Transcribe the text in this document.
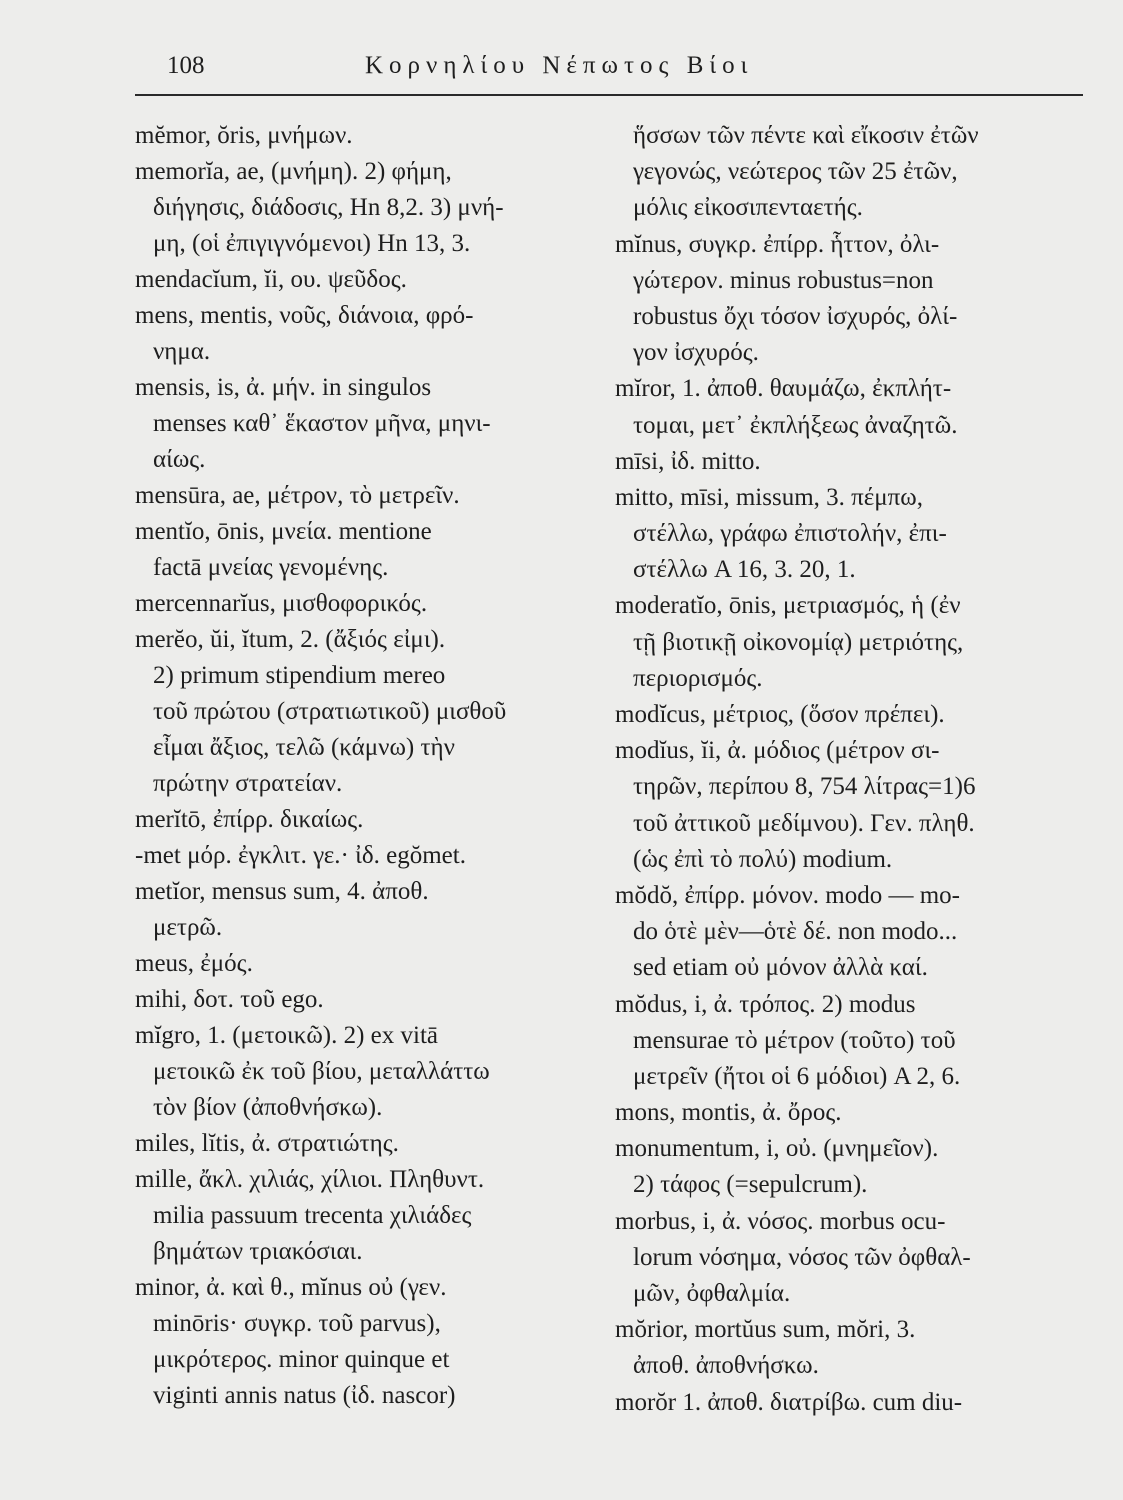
108	Κορνηλίου Νέπωτος Βίοι
mĕmor, ŏris, μνήμων.
memorĭa, ae, (μνήμη). 2) φήμη,
διήγησις, διάδοσις, Hn 8,2. 3) μνή-
μη, (οἱ ἐπιγιγνόμενοι) Hn 13, 3.
mendacĭum, ĭi, ου. ψεῦδος.
mens, mentis, νοῦς, διάνοια, φρό-
νημα.
mensis, is, ἀ. μήν. in singulos
menses καθ᾽ ἕκαστον μῆνα, μηνι-
αίως.
mensūra, ae, μέτρον, τὸ μετρεῖν.
mentĭo, ōnis, μνεία. mentione
factā μνείας γενομένης.
mercennarĭus, μισθοφορικός.
merĕo, ŭi, ĭtum, 2. (ἄξιός εἰμι).
2) primum stipendium mereo
τοῦ πρώτου (στρατιωτικοῦ) μισθοῦ
εἶμαι ἄξιος, τελῶ (κάμνω) τὴν
πρώτην στρατείαν.
merĭtō, ἐπίρρ. δικαίως.
-met μόρ. ἐγκλιτ. γε.· ἰδ. egŏmet.
metĭor, mensus sum, 4. ἀποθ.
μετρῶ.
meus, ἐμός.
mihi, δοτ. τοῦ ego.
mĭgro, 1. (μετοικῶ). 2) ex vitā
μετοικῶ ἐκ τοῦ βίου, μεταλλάττω
τὸν βίον (ἀποθνήσκω).
miles, lĭtis, ἀ. στρατιώτης.
mille, ἄκλ. χιλιάς, χίλιοι. Πληθυντ.
milia passuum trecenta χιλιάδες
βημάτων τριακόσιαι.
minor, ἀ. καὶ θ., mĭnus οὐ (γεν.
minōris· συγκρ. τοῦ parvus),
μικρότερος. minor quinque et
viginti annis natus (ἰδ. nascor)
ἥσσων τῶν πέντε καὶ εἴκοσιν ἐτῶν
γεγονώς, νεώτερος τῶν 25 ἐτῶν,
μόλις εἰκοσιπενταετής.
mĭnus, συγκρ. ἐπίρρ. ἧττον, ὀλι-
γώτερον. minus robustus=non
robustus ὄχι τόσον ἰσχυρός, ὀλί-
γον ἰσχυρός.
mĭror, 1. ἀποθ. θαυμάζω, ἐκπλήτ-
τομαι, μετ᾽ ἐκπλήξεως ἀναζητῶ.
mīsi, ἰδ. mitto.
mitto, mīsi, missum, 3. πέμπω,
στέλλω, γράφω ἐπιστολήν, ἐπι-
στέλλω A 16, 3. 20, 1.
moderatĭo, ōnis, μετριασμός, ἡ (ἐν
τῇ βιοτικῇ οἰκονομίᾳ) μετριότης,
περιορισμός.
modĭcus, μέτριος, (ὅσον πρέπει).
modĭus, ĭi, ἀ. μόδιος (μέτρον σι-
τηρῶν, περίπου 8, 754 λίτρας=1)6
τοῦ ἀττικοῦ μεδίμνου). Γεν. πληθ.
(ὡς ἐπὶ τὸ πολύ) modium.
mŏdŏ, ἐπίρρ. μόνον. modo — mo-
do ὁτὲ μὲν—ὁτὲ δέ. non modo...
sed etiam οὐ μόνον ἀλλὰ καί.
mŏdus, i, ἀ. τρόπος. 2) modus
mensurae τὸ μέτρον (τοῦτο) τοῦ
μετρεῖν (ἤτοι οἱ 6 μόδιοι) A 2, 6.
mons, montis, ἀ. ὄρος.
monumentum, i, οὐ. (μνημεῖον).
2) τάφος (=sepulcrum).
morbus, i, ἀ. νόσος. morbus ocu-
lorum νόσημα, νόσος τῶν ὀφθαλ-
μῶν, ὀφθαλμία.
mŏrior, mortŭus sum, mŏri, 3.
ἀποθ. ἀποθνήσκω.
morŏr 1. ἀποθ. διατρίβω. cum diu-
